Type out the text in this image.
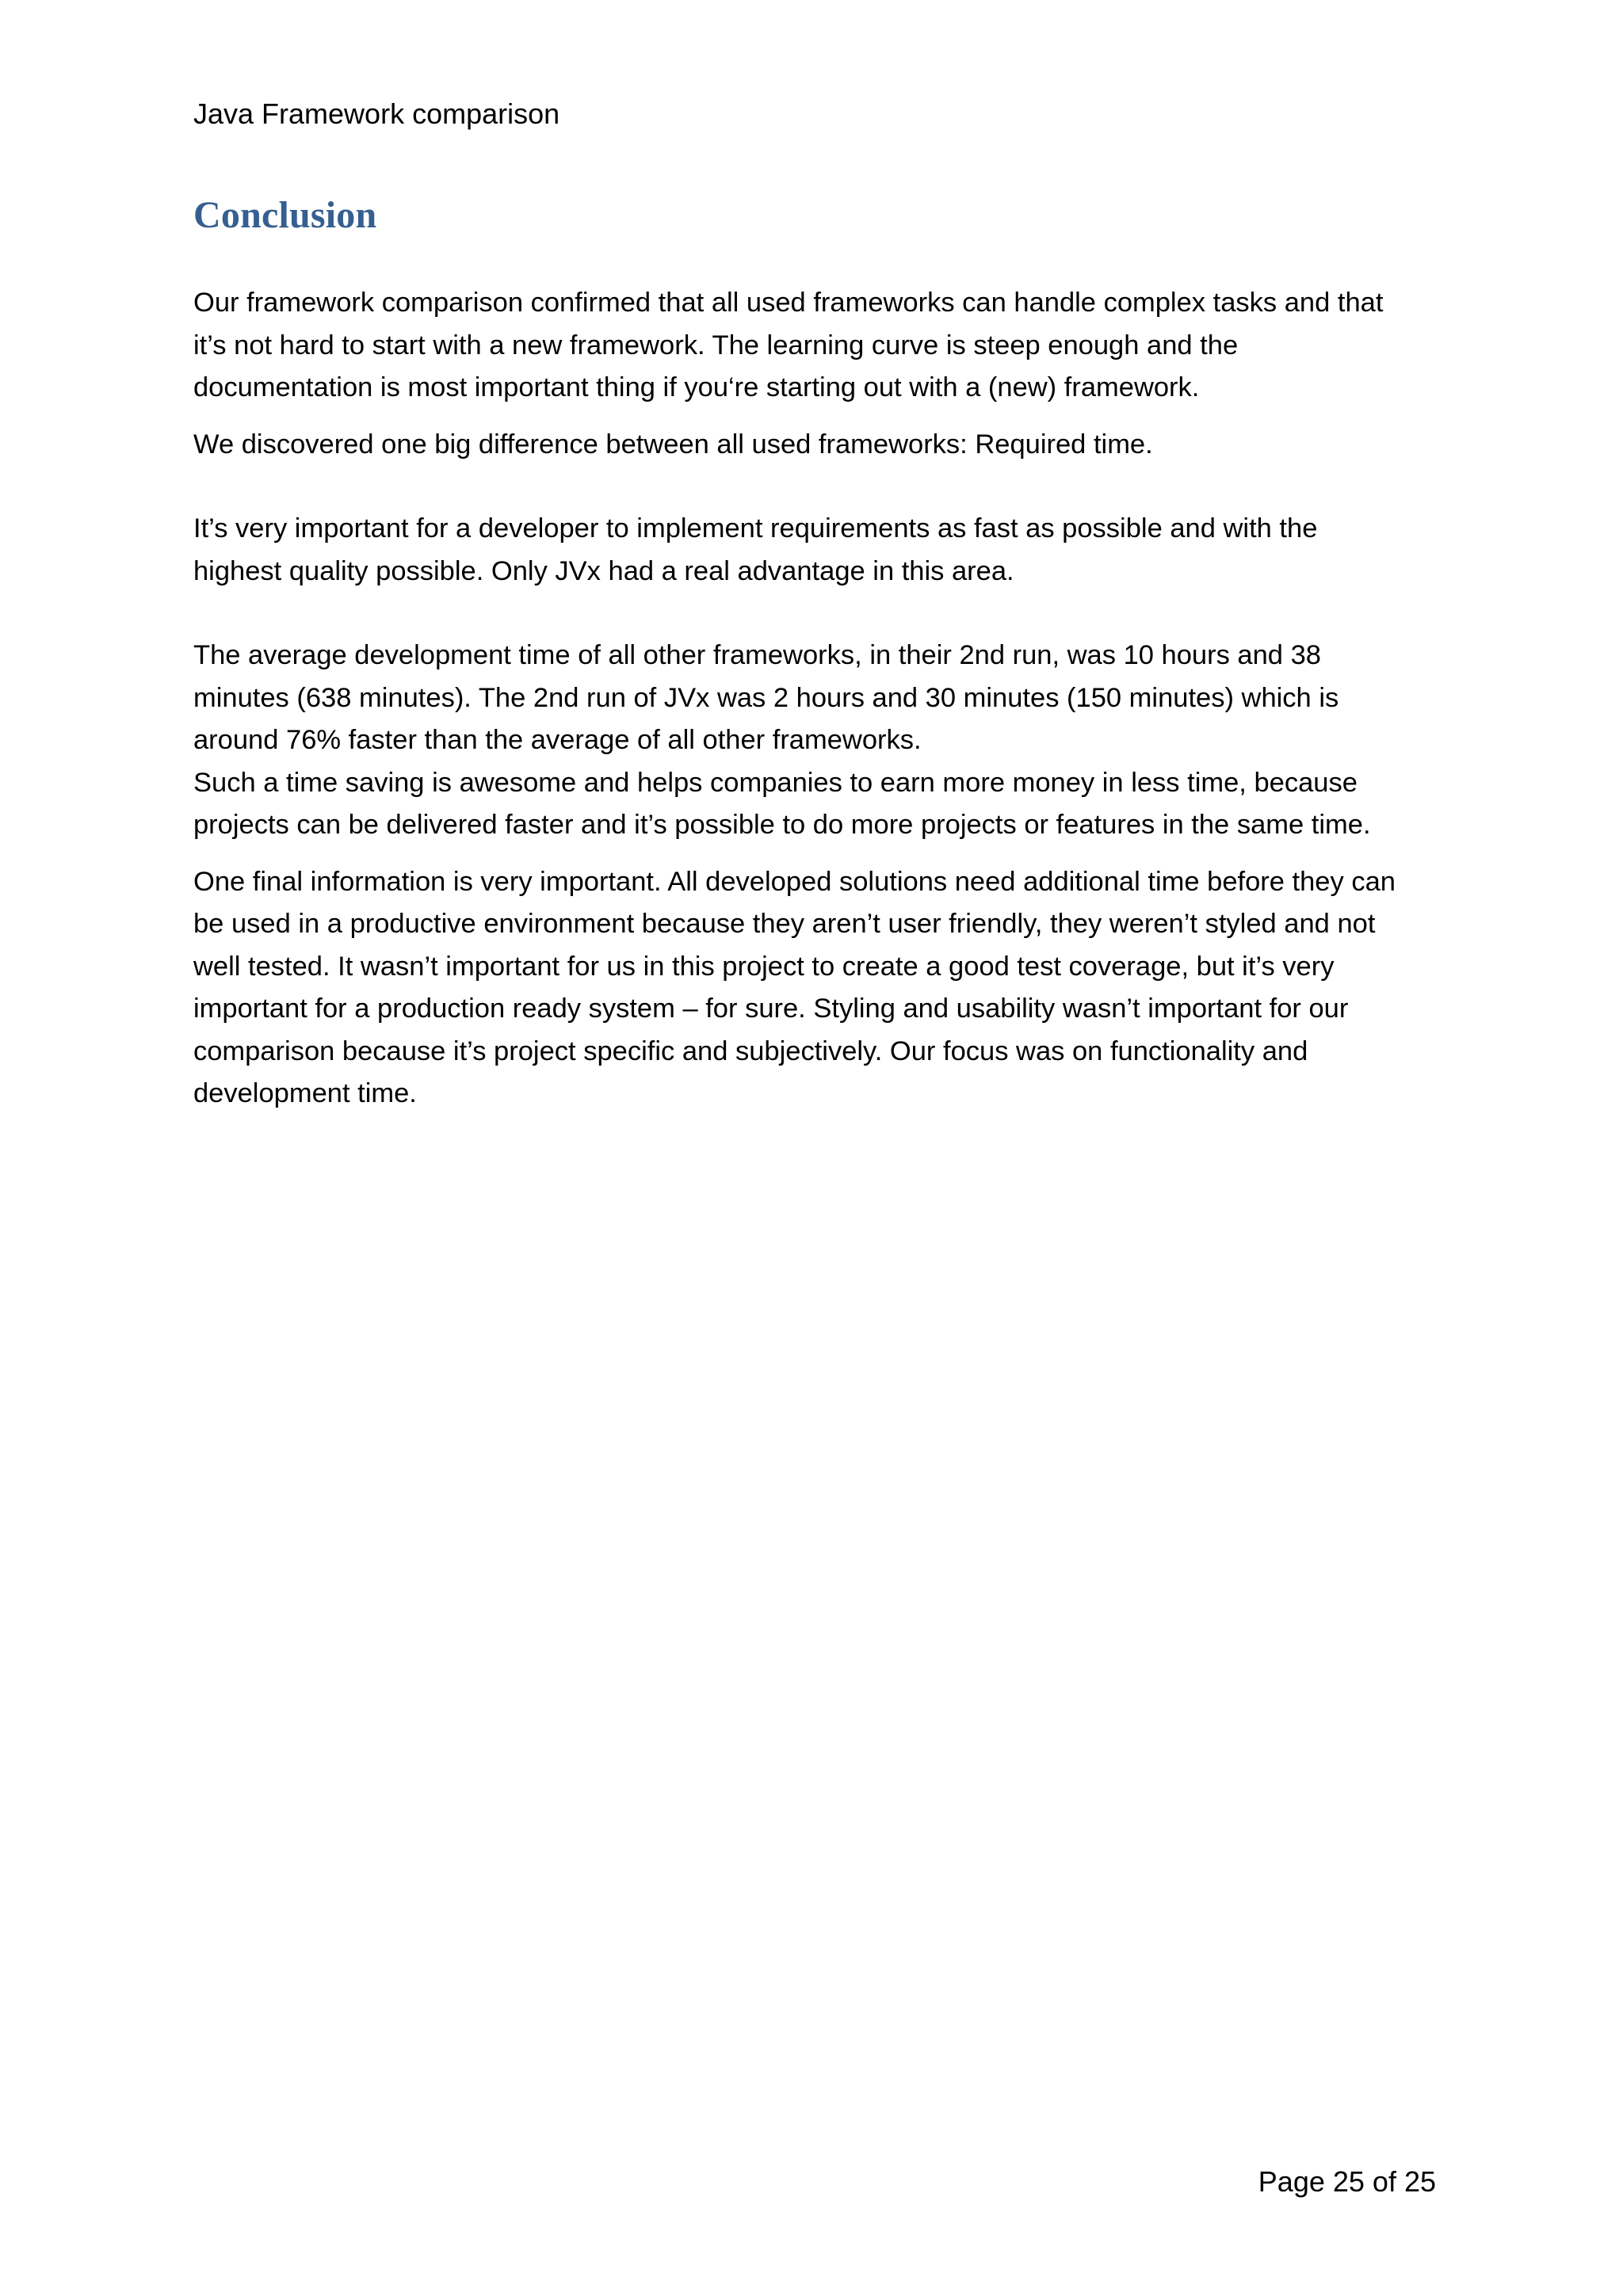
Java Framework comparison
Conclusion

Our framework comparison confirmed that all used frameworks can handle complex tasks and that
it’s not hard to start with a new framework. The learning curve is steep enough and the
documentation is most important thing if you‘re starting out with a (new) framework.

We discovered one big difference between all used frameworks: Required time.

It’s very important for a developer to implement requirements as fast as possible and with the
highest quality possible. Only JVx had a real advantage in this area.

The average development time of all other frameworks, in their 2nd run, was 10 hours and 38
minutes (638 minutes). The 2nd run of JVx was 2 hours and 30 minutes (150 minutes) which is
around 76% faster than the average of all other frameworks.
Such a time saving is awesome and helps companies to earn more money in less time, because
projects can be delivered faster and it’s possible to do more projects or features in the same time.

One final information is very important. All developed solutions need additional time before they can
be used in a productive environment because they aren’t user friendly, they weren’t styled and not
well tested. It wasn’t important for us in this project to create a good test coverage, but it’s very
important for a production ready system – for sure. Styling and usability wasn’t important for our
comparison because it’s project specific and subjectively. Our focus was on functionality and
development time.

Page 25 of 25
